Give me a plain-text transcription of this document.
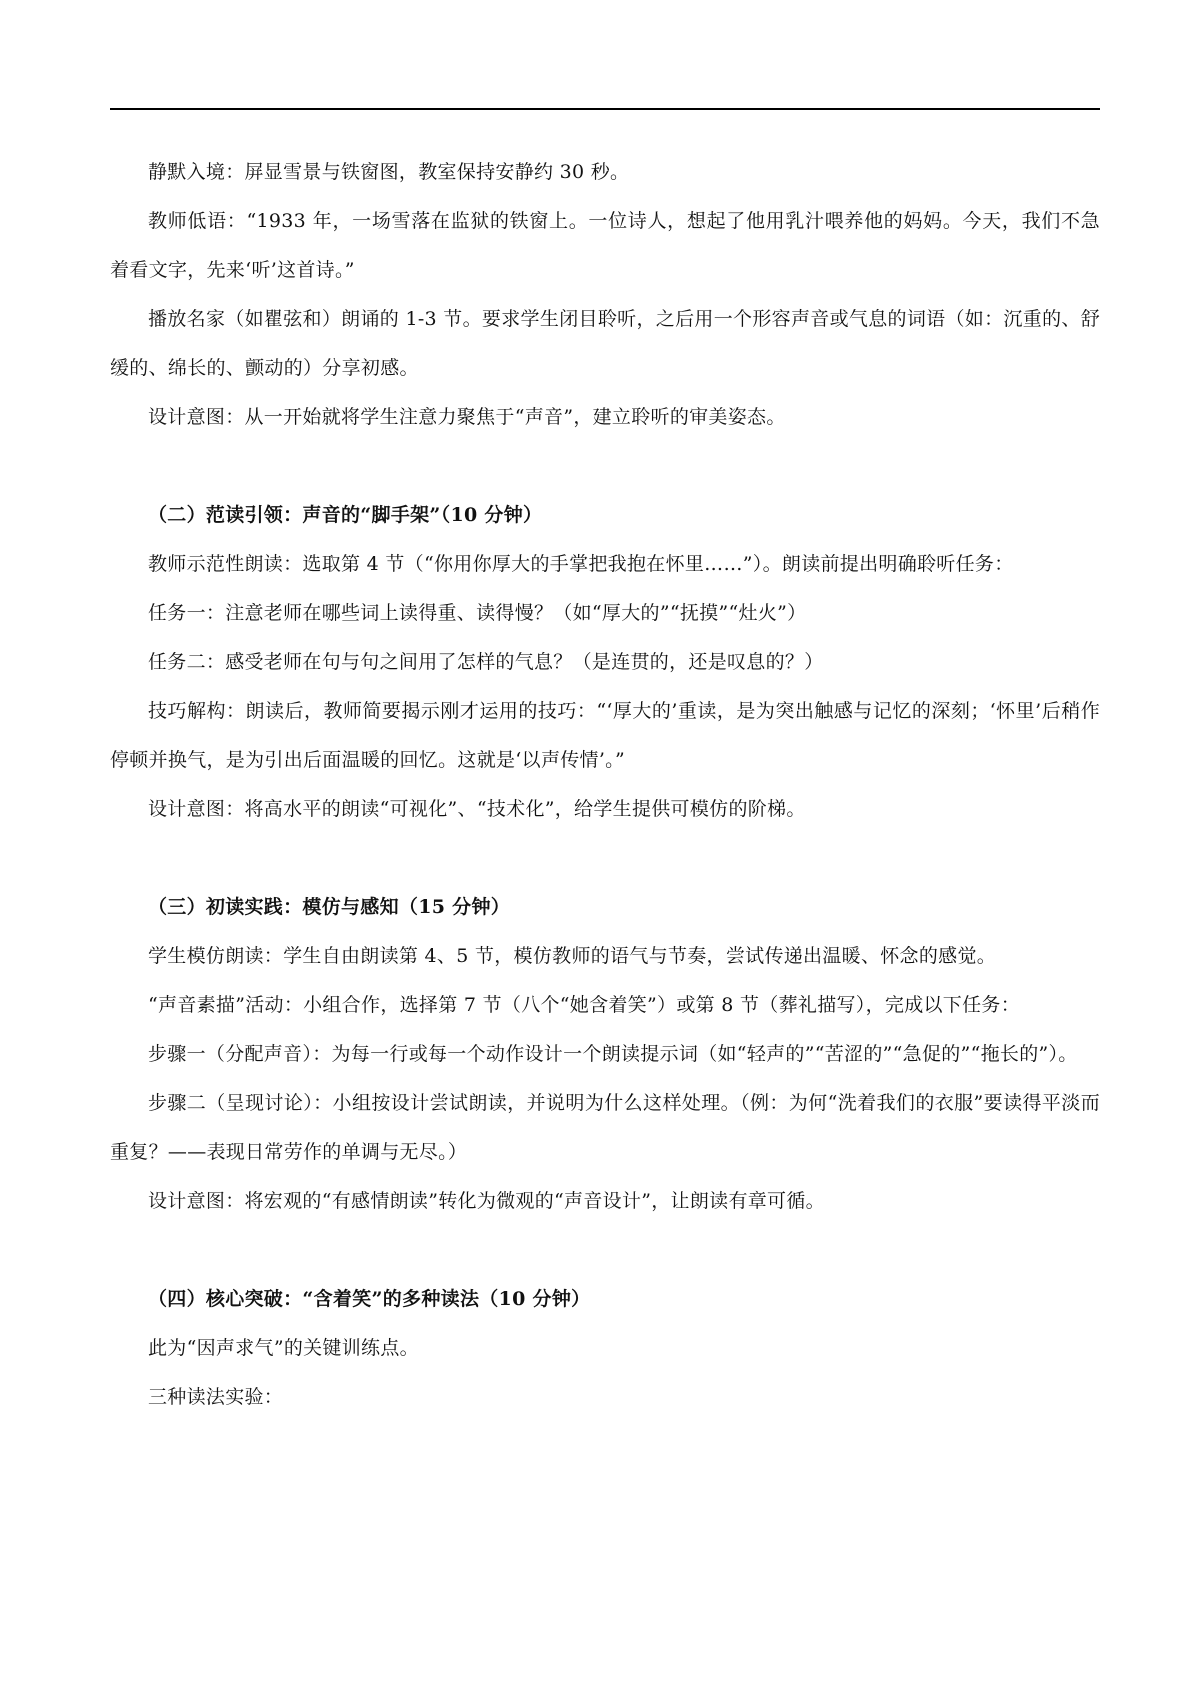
静默入境：屏显雪景与铁窗图，教室保持安静约 30 秒。

教师低语：“1933 年，一场雪落在监狱的铁窗上。一位诗人，想起了他用乳汁喂养他的妈妈。今天，我们不急着看文字，先来‘听’这首诗。”

播放名家（如瞿弦和）朗诵的 1-3 节。要求学生闭目聆听，之后用一个形容声音或气息的词语（如：沉重的、舒缓的、绵长的、颤动的）分享初感。

设计意图：从一开始就将学生注意力聚焦于“声音”，建立聆听的审美姿态。

（二）范读引领：声音的“脚手架”（10 分钟）

教师示范性朗读：选取第 4 节（“你用你厚大的手掌把我抱在怀里……”）。朗读前提出明确聆听任务：

任务一：注意老师在哪些词上读得重、读得慢？（如“厚大的”“抚摸”“灶火”）

任务二：感受老师在句与句之间用了怎样的气息？（是连贯的，还是叹息的？）

技巧解构：朗读后，教师简要揭示刚才运用的技巧：“‘厚大的’重读，是为突出触感与记忆的深刻；‘怀里’后稍作停顿并换气，是为引出后面温暖的回忆。这就是‘以声传情’。”

设计意图：将高水平的朗读“可视化”、“技术化”，给学生提供可模仿的阶梯。

（三）初读实践：模仿与感知（15 分钟）

学生模仿朗读：学生自由朗读第 4、5 节，模仿教师的语气与节奏，尝试传递出温暖、怀念的感觉。

“声音素描”活动：小组合作，选择第 7 节（八个“她含着笑”）或第 8 节（葬礼描写），完成以下任务：

步骤一（分配声音）：为每一行或每一个动作设计一个朗读提示词（如“轻声的”“苦涩的”“急促的”“拖长的”）。

步骤二（呈现讨论）：小组按设计尝试朗读，并说明为什么这样处理。（例：为何“洗着我们的衣服”要读得平淡而重复？——表现日常劳作的单调与无尽。）

设计意图：将宏观的“有感情朗读”转化为微观的“声音设计”，让朗读有章可循。

（四）核心突破：“含着笑”的多种读法（10 分钟）

此为“因声求气”的关键训练点。

三种读法实验：
